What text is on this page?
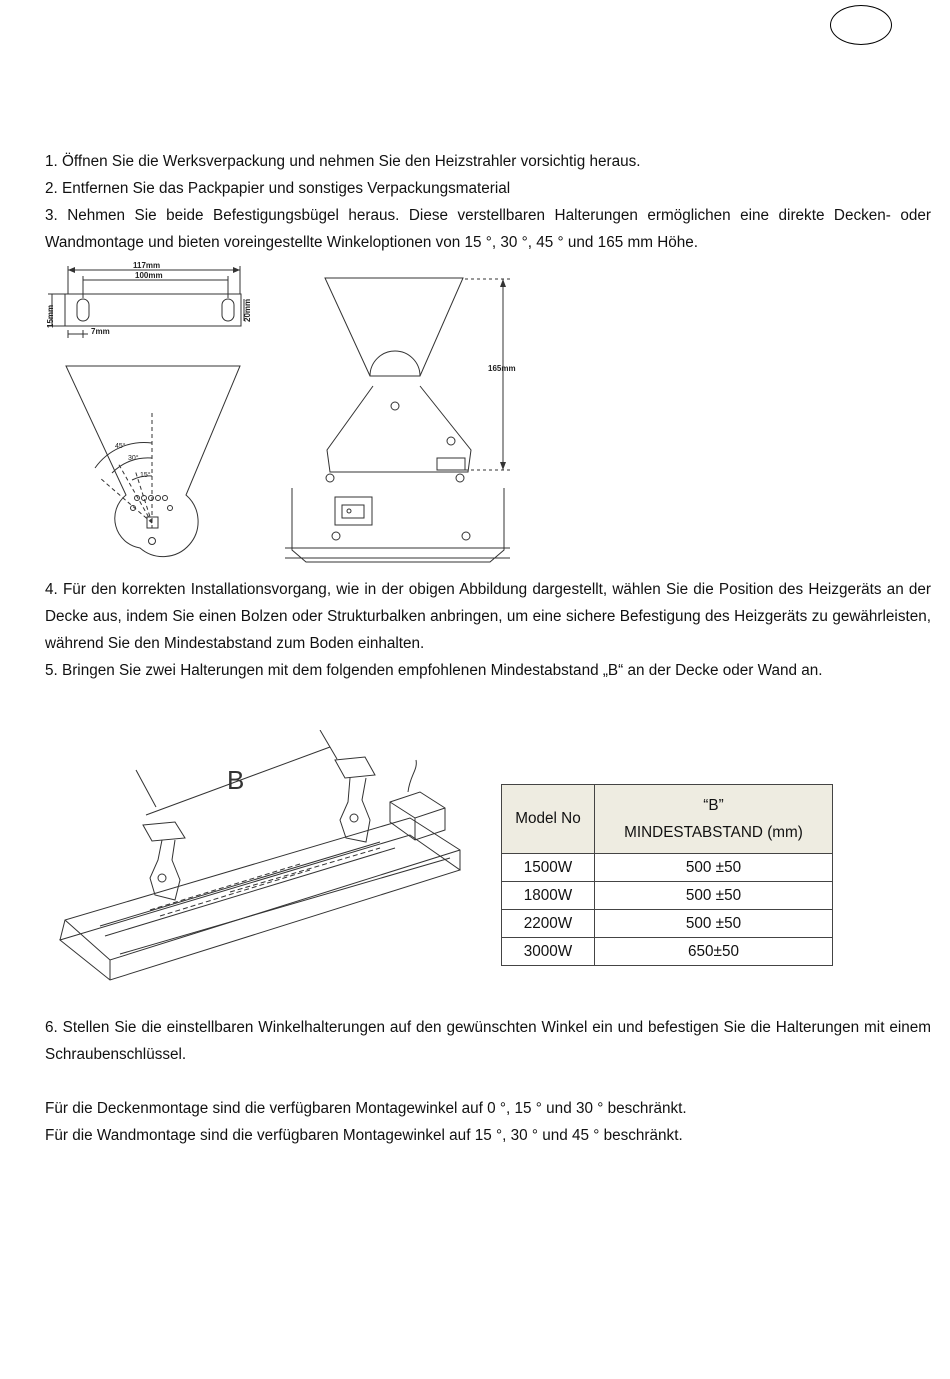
1. Öffnen Sie die Werksverpackung und nehmen Sie den Heizstrahler vorsichtig heraus.

2. Entfernen Sie das Packpapier und sonstiges Verpackungsmaterial

3. Nehmen Sie beide Befestigungsbügel heraus. Diese verstellbaren Halterungen ermöglichen eine direkte Decken- oder Wandmontage und bieten voreingestellte Winkeloptionen von 15 °, 30 °, 45 ° und 165 mm Höhe.

117mm
100mm
15mm	20mm
7mm
165mm
45°
30°
15°

4. Für den korrekten Installationsvorgang, wie in der obigen Abbildung dargestellt, wählen Sie die Position des Heizgeräts an der Decke aus, indem Sie einen Bolzen oder Strukturbalken anbringen, um eine sichere Befestigung des Heizgeräts zu gewährleisten, während Sie den Mindestabstand zum Boden einhalten.

5. Bringen Sie zwei Halterungen mit dem folgenden empfohlenen Mindestabstand „B“ an der Decke oder Wand an.

B
Model No	“B”
MINDESTABSTAND (mm)

1500W	500 ±50
1800W	500 ±50
2200W	500 ±50
3000W	650±50

6. Stellen Sie die einstellbaren Winkelhalterungen auf den gewünschten Winkel ein und befestigen Sie die Halterungen mit einem Schraubenschlüssel.

Für die Deckenmontage sind die verfügbaren Montagewinkel auf 0 °, 15 ° und 30 ° beschränkt.

Für die Wandmontage sind die verfügbaren Montagewinkel auf 15 °, 30 ° und 45 ° beschränkt.
